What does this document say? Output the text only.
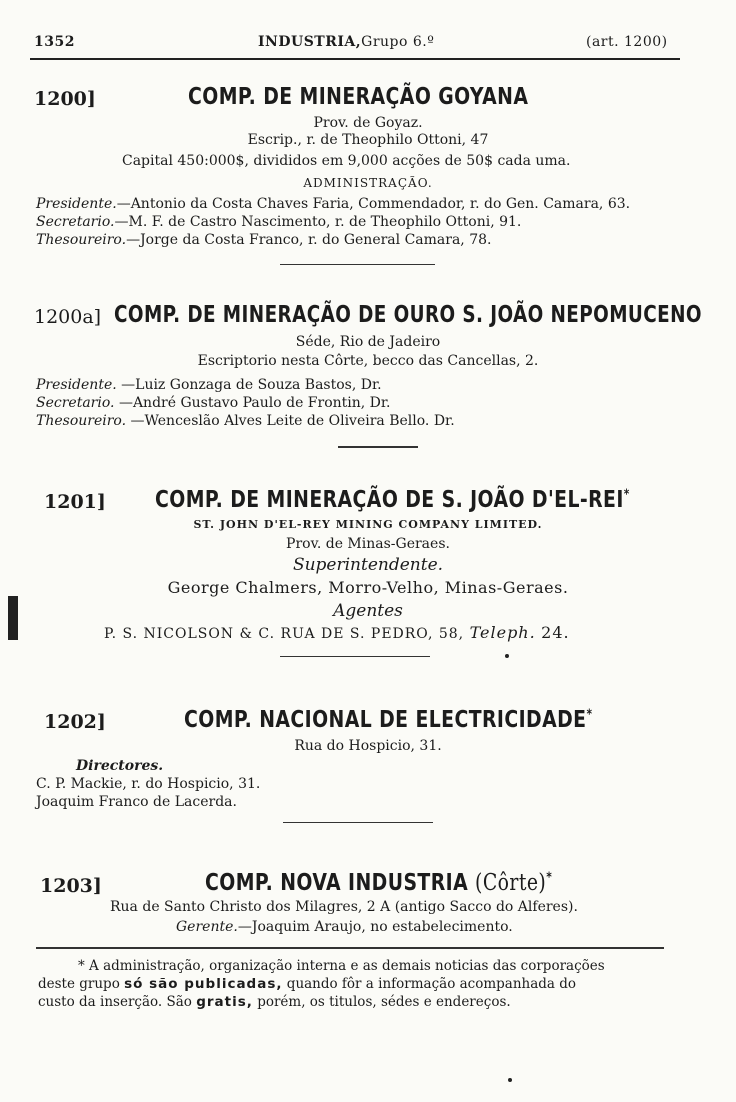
1352	INDUSTRIA,Grupo 6.º	(art. 1200)
1200]	COMP. DE MINERAÇÃO GOYANA
Prov. de Goyaz.
Escrip., r. de Theophilo Ottoni, 47
Capital 450:000$, divididos em 9,000 acções de 50$ cada uma.
ADMINISTRAÇÃO.
Presidente.—Antonio da Costa Chaves Faria, Commendador, r. do Gen. Camara, 63.
Secretario.—M. F. de Castro Nascimento, r. de Theophilo Ottoni, 91.
Thesoureiro.—Jorge da Costa Franco, r. do General Camara, 78.
1200a] COMP. DE MINERAÇÃO DE OURO S. JOÃO NEPOMUCENO
Séde, Rio de Jadeiro
Escriptorio nesta Côrte, becco das Cancellas, 2.
Presidente. —Luiz Gonzaga de Souza Bastos, Dr.
Secretario. —André Gustavo Paulo de Frontin, Dr.
Thesoureiro. —Wenceslão Alves Leite de Oliveira Bello. Dr.
1201] COMP. DE MINERAÇÃO DE S. JOÃO D'EL-REI*
ST. JOHN D'EL-REY MINING COMPANY LIMITED.
Prov. de Minas-Geraes.
Superintendente.
George Chalmers, Morro-Velho, Minas-Geraes.
Agentes
P. S. NICOLSON & C. RUA DE S. PEDRO, 58, Teleph. 24.
1202]	COMP. NACIONAL DE ELECTRICIDADE*
Rua do Hospicio, 31.
Directores.
C. P. Mackie, r. do Hospicio, 31.
Joaquim Franco de Lacerda.
1203]	COMP. NOVA INDUSTRIA (Côrte)*
Rua de Santo Christo dos Milagres, 2 A (antigo Sacco do Alferes).
Gerente.—Joaquim Araujo, no estabelecimento.
* A administração, organização interna e as demais noticias das corporações
deste grupo só são publicadas, quando fôr a informação acompanhada do
custo da inserção. São gratis, porém, os titulos, sédes e endereços.
